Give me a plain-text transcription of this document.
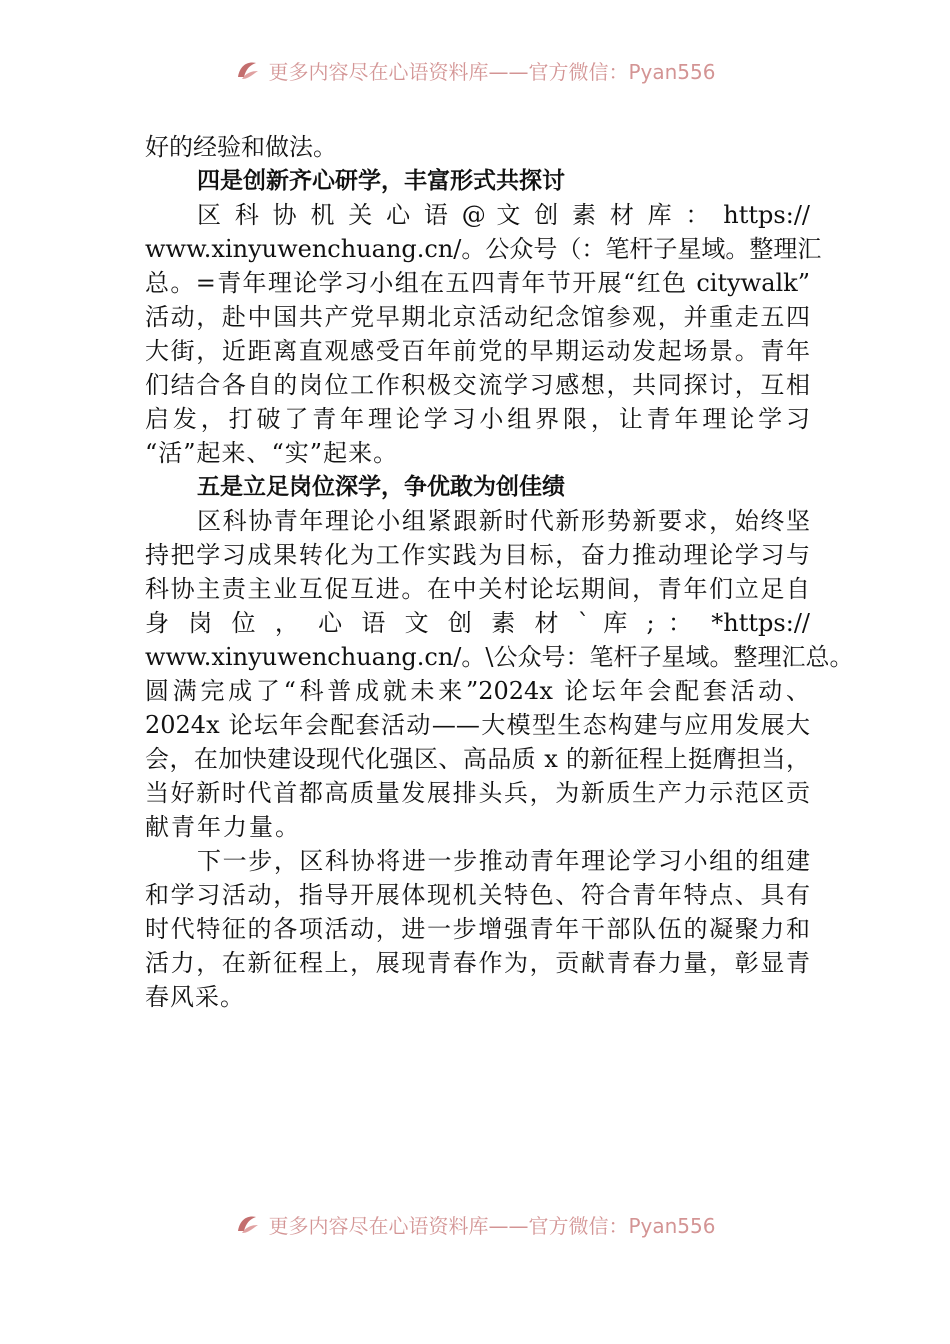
更多内容尽在心语资料库——官方微信：Pyan556
好的经验和做法。
四是创新齐心研学，丰富形式共探讨
区 科 协 机 关 心 语 @ 文 创 素 材 库 ： https://
www.xinyuwenchuang.cn/。公众号（：笔杆子星域。整理汇
总。=青年理论学习小组在五四青年节开展“红色 citywalk”
活动，赴中国共产党早期北京活动纪念馆参观，并重走五四
大街，近距离直观感受百年前党的早期运动发起场景。青年
们结合各自的岗位工作积极交流学习感想，共同探讨，互相
启发，打破了青年理论学习小组界限，让青年理论学习
“活”起来、“实”起来。
五是立足岗位深学，争优敢为创佳绩
区科协青年理论小组紧跟新时代新形势新要求，始终坚
持把学习成果转化为工作实践为目标，奋力推动理论学习与
科协主责主业互促互进。在中关村论坛期间，青年们立足自
身 岗 位 ， 心 语 文 创 素 材 ` 库 ; ： *https://
www.xinyuwenchuang.cn/。\公众号：笔杆子星域。整理汇总。
圆满完成了“科普成就未来”2024x 论坛年会配套活动、
2024x 论坛年会配套活动——大模型生态构建与应用发展大
会，在加快建设现代化强区、高品质 x 的新征程上挺膺担当，
当好新时代首都高质量发展排头兵，为新质生产力示范区贡
献青年力量。
下一步，区科协将进一步推动青年理论学习小组的组建
和学习活动，指导开展体现机关特色、符合青年特点、具有
时代特征的各项活动，进一步增强青年干部队伍的凝聚力和
活力，在新征程上，展现青春作为，贡献青春力量，彰显青
春风采。
更多内容尽在心语资料库——官方微信：Pyan556
